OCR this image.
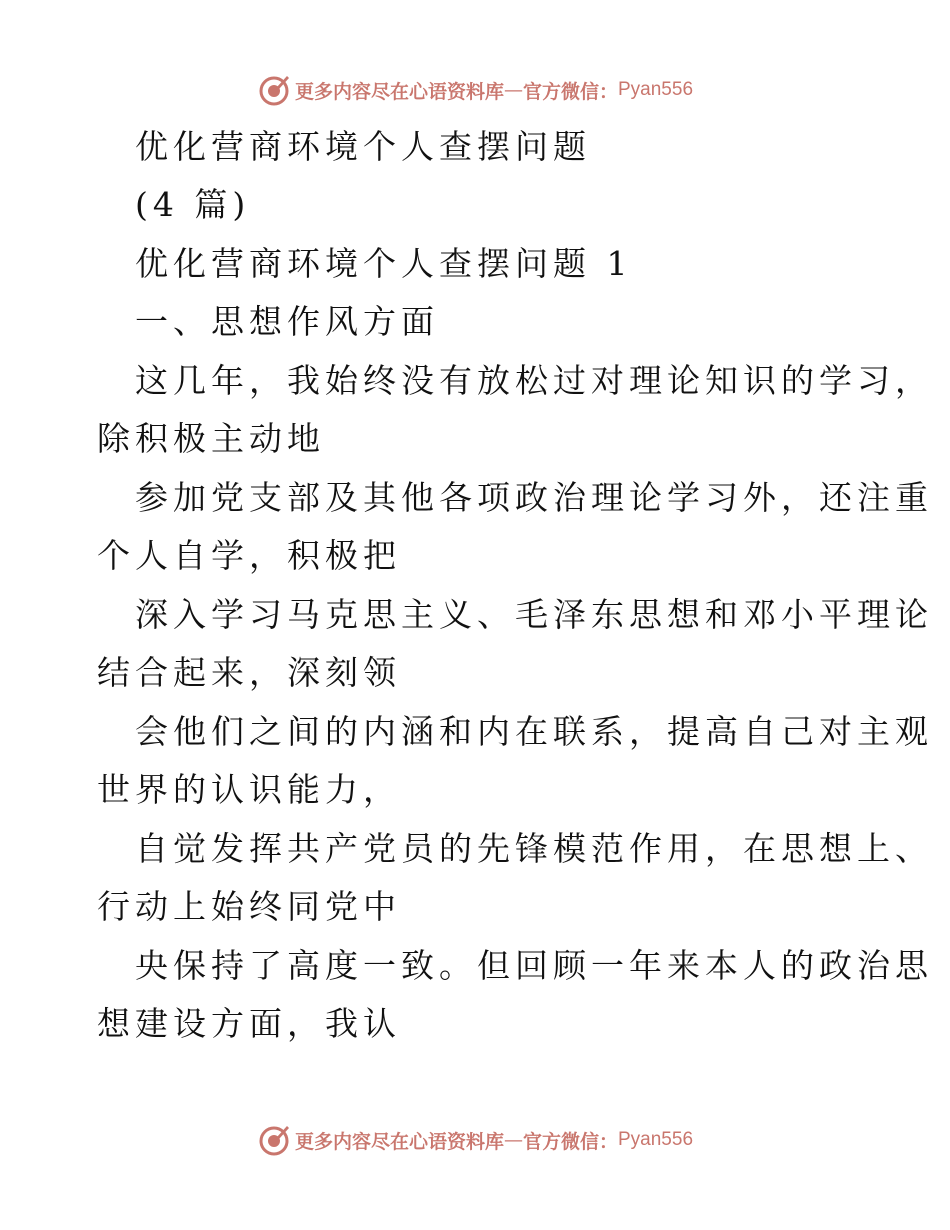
更多内容尽在心语资料库 — 官方微信： Pyan556
优化营商环境个人查摆问题
(4 篇)
优化营商环境个人查摆问题 1
一、思想作风方面
这几年，我始终没有放松过对理论知识的学习，
除积极主动地
参加党支部及其他各项政治理论学习外，还注重
个人自学，积极把
深入学习马克思主义、毛泽东思想和邓小平理论
结合起来，深刻领
会他们之间的内涵和内在联系，提高自己对主观
世界的认识能力，
自觉发挥共产党员的先锋模范作用，在思想上、
行动上始终同党中
央保持了高度一致。但回顾一年来本人的政治思
想建设方面，我认
更多内容尽在心语资料库 — 官方微信： Pyan556
